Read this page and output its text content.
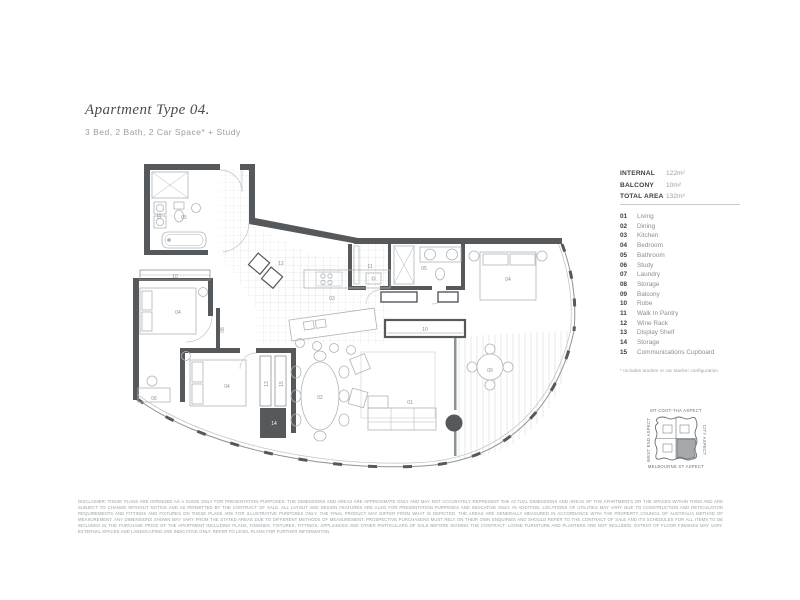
Apartment Type 04.
3 Bed, 2 Bath, 2 Car Space* + Study
05
07
10
04
08
12	11	05
04
03
10
06
04	13 15
14
02
01
09
INTERNAL	122m²
BALCONY	10m²
TOTAL AREA 132m²
01	Living
02	Dining
03	Kitchen
04	Bedroom
05	Bathroom
06	Study
07	Laundry
08	Storage
09	Balcony
10	Robe
11	Walk In Pantry
12	Wine Rack
13	Display Shelf
14	Storage
15	Communications Cupboard
* Includes tandem or car stacker configuration
MT COOT-THA ASPECT
MELBOURNE ST ASPECT
WEST END ASPECT	CITY ASPECT
DISCLAIMER: THESE PLANS ARE INTENDED AS A GUIDE ONLY FOR PRESENTATION PURPOSES. THE DIMENSIONS AND AREAS ARE APPROXIMATE ONLY AND MAY NOT ACCURATELY REPRESENT THE ACTUAL DIMENSIONS AND AREAS OF THE APARTMENTS OR THE SPACES WITHIN THEM AND ARE SUBJECT TO CHANGE WITHOUT NOTICE AND AS PERMITTED BY THE CONTRACT OF SALE. ALL LAYOUT AND DESIGN FEATURES ARE ALSO FOR PRESENTATION PURPOSES AND INDICATIVE ONLY. IN ADDITION, LOCATIONS OF UTILITIES MAY VARY DUE TO CONSTRUCTION AND RETICULATION REQUIREMENTS AND FITTINGS AND FIXTURES ON THESE PLANS ARE FOR ILLUSTRATIVE PURPOSES ONLY. THE FINAL PRODUCT MAY DIFFER FROM WHAT IS DEPICTED. THE AREAS ARE GENERALLY MEASURED IN ACCORDANCE WITH THE PROPERTY COUNCIL OF AUSTRALIA METHOD OF MEASUREMENT. ANY DIMENSIONS SHOWN MAY VARY FROM THE STATED AREAS DUE TO DIFFERENT METHODS OF MEASUREMENT. PROSPECTIVE PURCHASERS MUST RELY ON THEIR OWN ENQUIRIES AND SHOULD REFER TO THE CONTRACT OF SALE AND ITS SCHEDULES FOR ALL ITEMS TO BE INCLUDED IN THE PURCHASE PRICE OF THE APARTMENT INCLUDING PLANS, FINISHES, FIXTURES, FITTINGS, APPLIANCES AND OTHER PARTICULARS OF SALE BEFORE SIGNING THE CONTRACT. LOOSE FURNITURE AND PLANTERS ARE NOT INCLUDED. EXTENT OF FLOOR FINISHES MAY VARY. EXTERNAL SPACES AND LANDSCAPING ARE INDICATIVE ONLY. REFER TO LEVEL PLANS FOR FURTHER INFORMATION.
